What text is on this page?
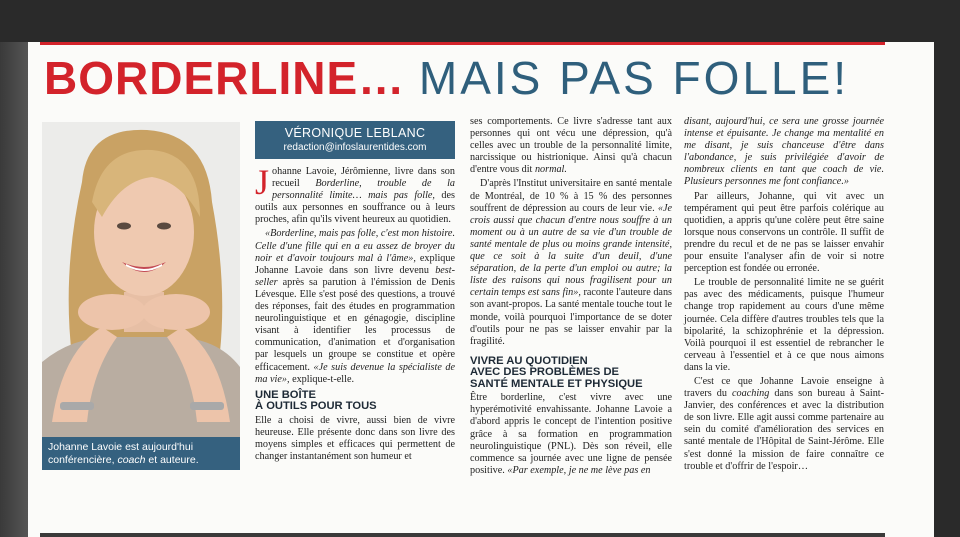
BORDERLINE… MAIS PAS FOLLE!
Johanne Lavoie est aujourd'hui conférencière, coach et auteure.
VÉRONIQUE LEBLANC
redaction@infoslaurentides.com

Johanne Lavoie, Jérômienne, livre dans son recueil Borderline, trouble de la personnalité limite… mais pas folle, des outils aux personnes en souffrance ou à leurs proches, afin qu'ils vivent heureux au quotidien.

«Borderline, mais pas folle, c'est mon histoire. Celle d'une fille qui en a eu assez de broyer du noir et d'avoir toujours mal à l'âme», explique Johanne Lavoie dans son livre devenu best-seller après sa parution à l'émission de Denis Lévesque. Elle s'est posé des questions, a trouvé des réponses, fait des études en programmation neurolinguistique et en génagogie, discipline visant à identifier les processus de communication, d'animation et d'organisation par lesquels un groupe se constitue et opère efficacement. «Je suis devenue la spécialiste de ma vie», explique-t-elle.

UNE BOÎTE
À OUTILS POUR TOUS

Elle a choisi de vivre, aussi bien de vivre heureuse. Elle présente donc dans son livre des moyens simples et efficaces qui permettent de changer instantanément son humeur et

ses comportements. Ce livre s'adresse tant aux personnes qui ont vécu une dépression, qu'à celles avec un trouble de la personnalité limite, narcissique ou histrionique. Ainsi qu'à chacun d'entre vous dit normal.

D'après l'Institut universitaire en santé mentale de Montréal, de 10 % à 15 % des personnes souffrent de dépression au cours de leur vie. «Je crois aussi que chacun d'entre nous souffre à un moment ou à un autre de sa vie d'un trouble de santé mentale de plus ou moins grande intensité, que ce soit à la suite d'un deuil, d'une séparation, de la perte d'un emploi ou autre; la liste des raisons qui nous fragilisent pour un certain temps est sans fin», raconte l'auteure dans son avant-propos. La santé mentale touche tout le monde, voilà pourquoi l'importance de se doter d'outils pour ne pas se laisser envahir par la fragilité.

VIVRE AU QUOTIDIEN
AVEC DES PROBLÈMES DE
SANTÉ MENTALE ET PHYSIQUE

Être borderline, c'est vivre avec une hyperémotivité envahissante. Johanne Lavoie a d'abord appris le concept de l'intention positive grâce à sa formation en programmation neurolinguistique (PNL). Dès son réveil, elle commence sa journée avec une ligne de pensée positive. «Par exemple, je ne me lève pas en

disant, aujourd'hui, ce sera une grosse journée intense et épuisante. Je change ma mentalité en me disant, je suis chanceuse d'être dans l'abondance, je suis privilégiée d'avoir de nombreux clients en tant que coach de vie. Plusieurs personnes me font confiance.»

Par ailleurs, Johanne, qui vit avec un tempérament qui peut être parfois colérique au quotidien, a appris qu'une colère peut être saine lorsque nous conservons un contrôle. Il suffit de prendre du recul et de ne pas se laisser envahir pour ensuite l'analyser afin de voir si notre perception est fondée ou erronée.

Le trouble de personnalité limite ne se guérit pas avec des médicaments, puisque l'humeur change trop rapidement au cours d'une même journée. Cela diffère d'autres troubles tels que la bipolarité, la schizophrénie et la dépression. Voilà pourquoi il est essentiel de rebrancher le cerveau à l'essentiel et à ce que nous aimons dans la vie.

C'est ce que Johanne Lavoie enseigne à travers du coaching dans son bureau à Saint-Janvier, des conférences et avec la distribution de son livre. Elle agit aussi comme partenaire au sein du comité d'amélioration des services en santé mentale de l'Hôpital de Saint-Jérôme. Elle s'est donné la mission de faire connaître ce trouble et d'offrir de l'espoir…
